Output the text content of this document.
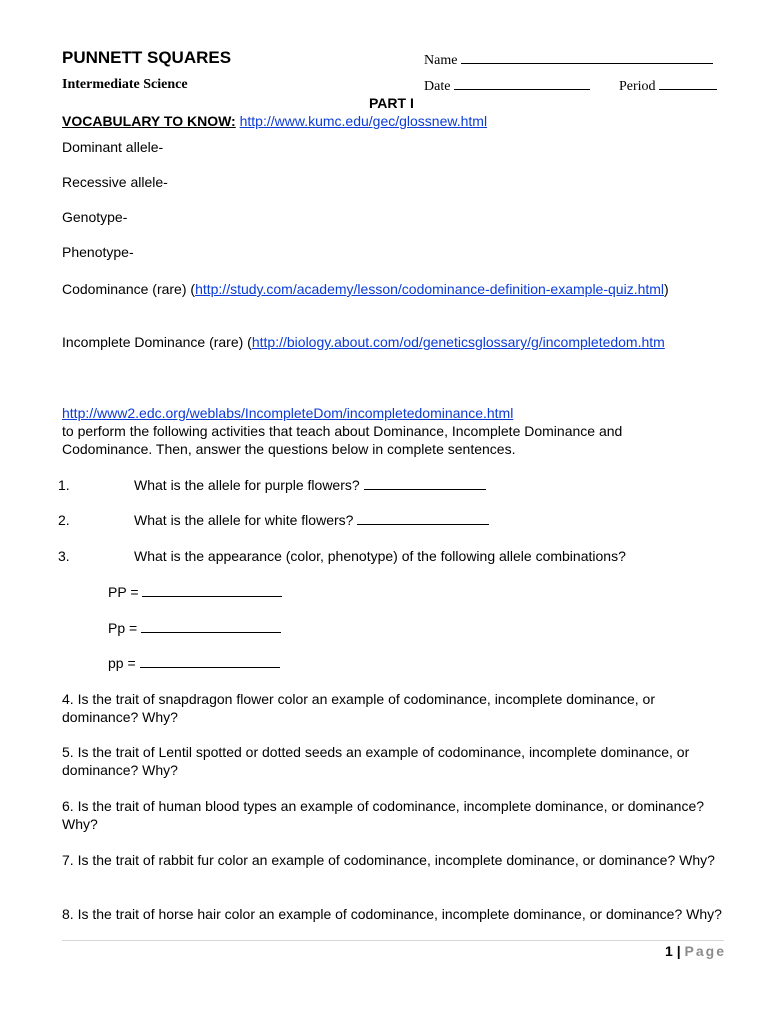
PUNNETT SQUARES
Intermediate Science
Name
Date	Period
PART I
VOCABULARY TO KNOW: http://www.kumc.edu/gec/glossnew.html
Dominant allele-
Recessive allele-
Genotype-
Phenotype-
Codominance (rare) (http://study.com/academy/lesson/codominance-definition-example-quiz.html)
Incomplete Dominance (rare) (http://biology.about.com/od/geneticsglossary/g/incompletedom.htm
http://www2.edc.org/weblabs/IncompleteDom/incompletedominance.html
to perform the following activities that teach about Dominance, Incomplete Dominance and
Codominance. Then, answer the questions below in complete sentences.
1.	What is the allele for purple flowers?
2.	What is the allele for white flowers?
3.	What is the appearance (color, phenotype) of the following allele combinations?
PP =
Pp =
pp =
4. Is the trait of snapdragon flower color an example of codominance, incomplete dominance, or dominance? Why?
5. Is the trait of Lentil spotted or dotted seeds an example of codominance, incomplete dominance, or dominance? Why?
6. Is the trait of human blood types an example of codominance, incomplete dominance, or dominance? Why?
7. Is the trait of rabbit fur color an example of codominance, incomplete dominance, or dominance? Why?
8. Is the trait of horse hair color an example of codominance, incomplete dominance, or dominance? Why?
1 | Page
